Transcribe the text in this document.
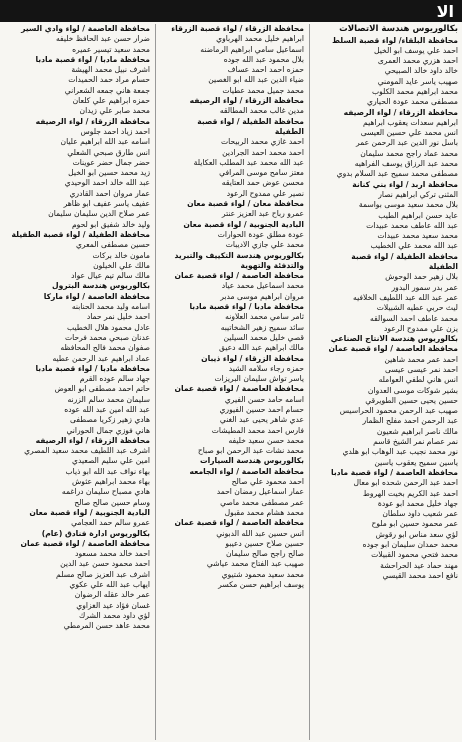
الا
بكالوريوس هندسة الاتصالات
محافظة البلقاء/ لواء قصبة السلط
احمد علي يوسف ابو الخيل
احمد هزري محمد العمرى
خالد داود خالد الصبيحي
صهيب ياسر عايد المومني
محمد ابراهيم محمد الكلوب
مصطفى محمد عودة الحياري
محافظة الزرقاء / لواء الرصيفه
ابراهيم سعدات يعقوب ابراهيم
انس محمد علي حسين العيسى
باسل نور الدين عبد الرحمن عمر
محمد عماد راجح محمد سليمان
محمد عبد الرزاق يوسف الفراهيه
مصطفى محمد سميح عبد السلام بدوي
محافظة اربد / لواء بني كنانة
المثنى تركي ابراهيم نصار
بلال محمد سعيد موسى بواسمة
عايد حسن ابراهيم الطيب
عبد الله عاطف محمد عبيدات
محمد سعيد محمد عبيدات
عبد الله محمد علي الخطيب
محافظة الطفيلة / لواء قصبة
الطفيلة
بلال زهير حمد الوحوش
عمر بدر سمور البدور
عمر عبد الله عبد اللطيف الخلافيه
ليث حربي عطيه الشبيلات
محمد عاطف احمد السوالقه
يزن علي ممدوح الرعود
بكالوريوس هندسة الانتاج الصناعي
محافظة العاصمة / لواء قصبة عمان
احمد عمر محمد شاهين
احمد نمر عيسى عيسى
انس هاني لطفي العوامله
بشير شوكات موسى العدوان
حسين يحيى حسين الطويرقي
صهيب عبد الرحمن محمود الحراسيس
عبد الرحمن احمد مفلح الظمار
مالك ناصر ابراهيم شعيون
نمر عصام نمر الشيخ قاسم
نور محمد نجيب عبد الوهاب ابو هلدي
ياسين سميح يعقوب ياسين
محافظة العاصمة / لواء قصبة مادبا
احمد عبد الرحمن شحده ابو معال
احمد عبد الكريم بخيت الهروط
جهاد خليل محمد ابو عودة
عمر شعيب داود سلطان
عمر محمود حسين ابو ملوح
لؤي سعد مناس ابو رقوش
محمد حمدان سليمان ابو جوده
محمد فتحي محمود القبيلات
مهند حماد عيد الحراحشة
نافع احمد محمد القيسي
محافظة الزرقاء / لواء قصبة الزرقاء
ابراهيم خليل محمد الهرباوي
اسماعيل سامي ابراهيم الرماضنه
بلال محمود عبد الله جوده
حمزه احمد احمد عساف
ضياء الدين عبد الله ابو الغصين
محمد جميل محمد عطيات
محافظة الزرقاء / لواء الرصيفه
مدين غالب محمد المطالقه
محافظة الطفيلة / لواء قصبة
الطفيلة
احمد غازي محمد الربيحات
احمد محمد احمد الجرادين
عبد الله محمد عبد المطلب العكايلة
معتز سامح موسى المرافي
محسن عوض حمد العتايقه
نصير علي ممدوح الرعود
محافظة معان / لواء قصبة معان
عمرو رباح عبد العزيز عنتر
البادية الجنوبية / لواء قصبة معان
عودة مطلق عودة الحوارات
محمد علي جازي الاديبات
بكالوريوس هندسة التكييف والتبريد
والتدفئة والتهوية
محافظة العاصمة / لواء قصبة عمان
محمد اسماعيل محمد عياد
مروان ابراهيم موسى مدبر
محافظة مادبا / لواء قصبة مادبا
ثامر سامي محمد العلاونه
سائد سميح زهير الشخاتيبه
قصي خليل محمد السيلين
مالك ابراهيم عبد الله دعيق
محافظة الزرقاء / لواء ذيبان
حمزه رجاء سلامه الشيد
ياسر تواش سليمان البريزات
محافظة العاصمة / لواء قصبة عمان
اسامه حامد حسن الفيري
حسام احمد حسين الفيوري
عدي شاهر يحيى عبد الغني
فارس احمد محمد المطيشات
محمد حسن سعيد خليفه
محمد نشات عبد الرحمن ابو صباح
بكالوريوس هندسة السيارات
محافظة العاصمة / لواء الجامعه
احمد محمود علي صالح
عمار اسماعيل رمضان احمد
عمر مصطفى محمد ماصي
محمد هشام محمد مقبول
محافظة العاصمة / لواء قصبة عمان
انس حسين عبد الله الدبوني
حسين صلاح حسين دعيبو
صالح راجح صالح سليمان
صهيب عبد الفتاح محمد عياشي
محمد سعيد محمود شتيوي
يوسف ابراهيم حسن مكسر
محافظة العاصمة / لواء وادي السير
ضرار حسن عبد الحافظ خليفه
محمد سعيد تيسير عميره
محافظة مادبا / لواء قصبة مادبا
اشرف نبيل محمد الهيشة
حسام مراد حمد الحميدات
جمعة هاني جمعه الشعراني
حمزه ابراهيم علي كلعان
محمد صابر علي زيدان
محافظة الزرقاء / لواء الرصيفه
احمد زياد احمد جلوس
اسامه عبد الله ابراهيم عليان
انس طارق صبحي الشعلي
حضر جمال حضر عوينات
زيد محمد حسين ابو الخيل
عبد الله خالد احمد الوحيدي
عمار مروان احمد القادري
عفيف ياسر عفيف ابو ظاهر
عمر صلاح الدين سليمان سليمان
وليد خالد شفيق ابو لحوم
محافظة الطفيلة / لواء قصبة الطفيلة
حسين مصطفى المعري
مامون خالد بركات
مالك علي الخيلون
مالك سالم تيم عيال عواد
بكالوريوس هندسة البترول
محافظة العاصمة / لواء ماركا
اسامه وليد محمد الحنابنه
احمد خليل نمر حماد
عادل محمود هلال الخطيب
عدنان صبحي محمد فرحات
صفوان محمد فالح المحافظه
عماد ابراهيم عبد الرحمن عطيه
محافظة مادبا / لواء قصبة مادبا
جهاد سالم عوده القرم
حاتم احمد مصطفى ابو العوض
سليمان محمد سالم الزرنه
عبد الله امين عبد الله عوده
هادي زهير زكريا مصطفى
هاني فوزي جمال الحوراني
محافظة الزرقاء / لواء الرصيفه
اشرف عبد اللطيف محمد سعيد المصري
امين علي سليم الصعيدي
بهاء نواف عبد الله ابو ذياب
بهاء محمد ابراهيم عثوش
هادي مصباح سليمان دراغمه
وسام حسين صالح صالح
البادية الجنوبية / لواء قصبة معان
عمرو سالم حمد العجامي
بكالوريوس ادارة فنادق (عام)
محافظة العاصمة / لواء قصبة عمان
احمد خالد محمد مسعود
احمد محمود حسن عبد الدين
اشرف عبد العزيز صالح مسلم
ايهاب عبد الله علي عكوي
عمر خالد عقله الرضوان
غسان فؤاد عيد الغزاوي
لؤي داود محمد الشرك
محمد عاهد حسن المرمطي
